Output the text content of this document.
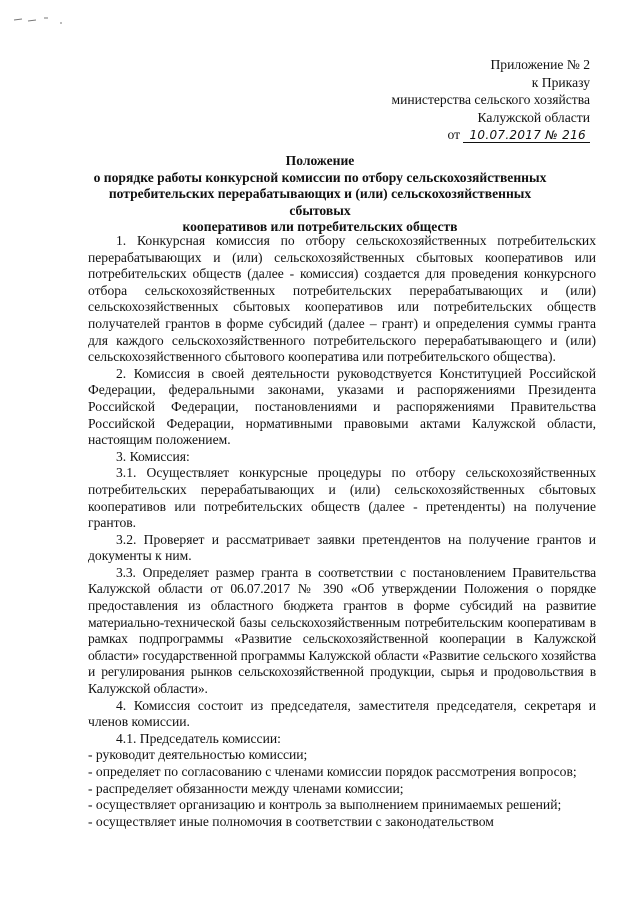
Приложение № 2
к Приказу
министерства сельского хозяйства
Калужской области
от 10.07.2017 № 216
Положение
о порядке работы конкурсной комиссии по отбору сельскохозяйственных
потребительских перерабатывающих и (или) сельскохозяйственных сбытовых
кооперативов или потребительских обществ

1. Конкурсная комиссия по отбору сельскохозяйственных потребительских перерабатывающих и (или) сельскохозяйственных сбытовых кооперативов или потребительских обществ (далее - комиссия) создается для проведения конкурсного отбора сельскохозяйственных потребительских перерабатывающих и (или) сельскохозяйственных сбытовых кооперативов или потребительских обществ получателей грантов в форме субсидий (далее – грант) и определения суммы гранта для каждого сельскохозяйственного потребительского перерабатывающего и (или) сельскохозяйственного сбытового кооператива или потребительского общества).

2. Комиссия в своей деятельности руководствуется Конституцией Российской Федерации, федеральными законами, указами и распоряжениями Президента Российской Федерации, постановлениями и распоряжениями Правительства Российской Федерации, нормативными правовыми актами Калужской области, настоящим положением.

3. Комиссия:

3.1. Осуществляет конкурсные процедуры по отбору сельскохозяйственных потребительских перерабатывающих и (или) сельскохозяйственных сбытовых кооперативов или потребительских обществ (далее - претенденты) на получение грантов.

3.2. Проверяет и рассматривает заявки претендентов на получение грантов и документы к ним.

3.3. Определяет размер гранта в соответствии с постановлением Правительства Калужской области от 06.07.2017 № 390 «Об утверждении Положения о порядке предоставления из областного бюджета грантов в форме субсидий на развитие материально-технической базы сельскохозяйственным потребительским кооперативам в рамках подпрограммы «Развитие сельскохозяйственной кооперации в Калужской области» государственной программы Калужской области «Развитие сельского хозяйства и регулирования рынков сельскохозяйственной продукции, сырья и продовольствия в Калужской области».

4. Комиссия состоит из председателя, заместителя председателя, секретаря и членов комиссии.

4.1. Председатель комиссии:

- руководит деятельностью комиссии;

- определяет по согласованию с членами комиссии порядок рассмотрения вопросов;

- распределяет обязанности между членами комиссии;

- осуществляет организацию и контроль за выполнением принимаемых решений;

- осуществляет иные полномочия в соответствии с законодательством
